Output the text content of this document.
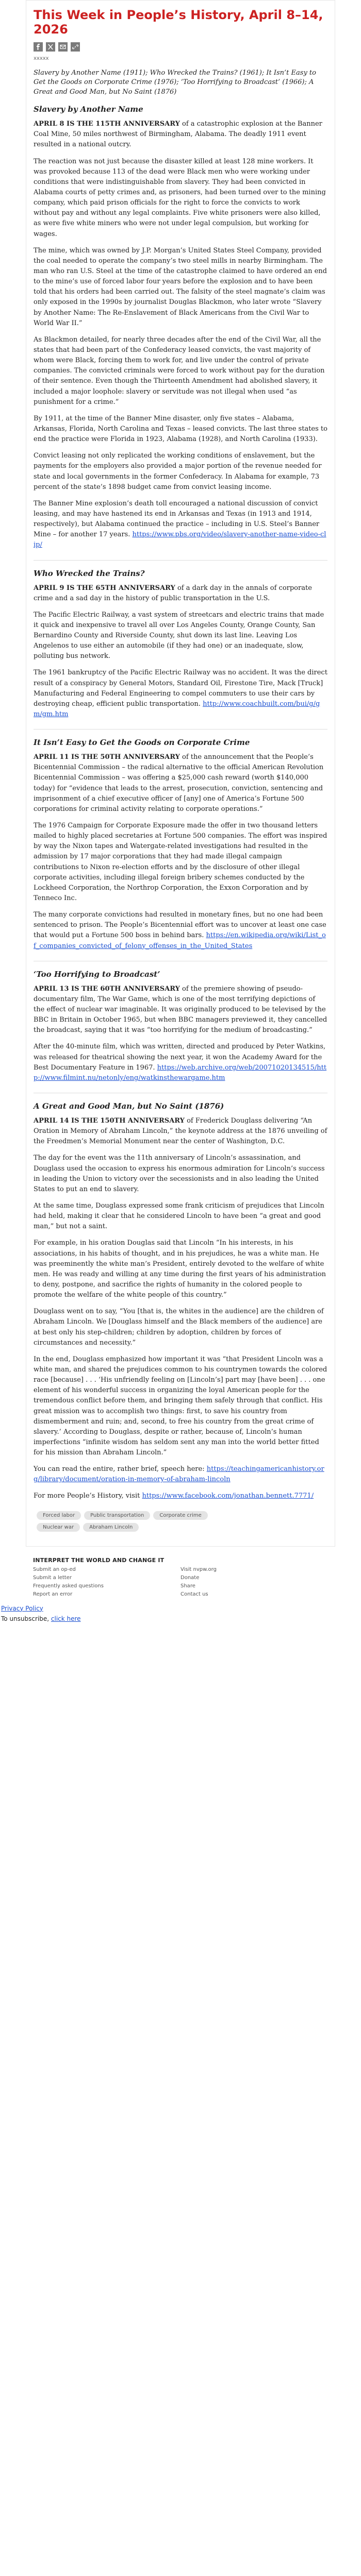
This Week in People’s History, April 8–14, 2026
xxxxx
Slavery by Another Name (1911); Who Wrecked the Trains? (1961); It Isn’t Easy to Get the Goods on Corporate Crime (1976); ‘Too Horrifying to Broadcast’ (1966); A Great and Good Man, but No Saint (1876)
Slavery by Another Name

APRIL 8 IS THE 115TH ANNIVERSARY of a catastrophic explosion at the Banner Coal Mine, 50 miles northwest of Birmingham, Alabama. The deadly 1911 event resulted in a national outcry.

The reaction was not just because the disaster killed at least 128 mine workers. It was provoked because 113 of the dead were Black men who were working under conditions that were indistinguishable from slavery. They had been convicted in Alabama courts of petty crimes and, as prisoners, had been turned over to the mining company, which paid prison officials for the right to force the convicts to work without pay and without any legal complaints. Five white prisoners were also killed, as were five white miners who were not under legal compulsion, but working for wages.

The mine, which was owned by J.P. Morgan’s United States Steel Company, provided the coal needed to operate the company’s two steel mills in nearby Birmingham. The man who ran U.S. Steel at the time of the catastrophe claimed to have ordered an end to the mine’s use of forced labor four years before the explosion and to have been told that his orders had been carried out. The falsity of the steel magnate’s claim was only exposed in the 1990s by journalist Douglas Blackmon, who later wrote “Slavery by Another Name: The Re-Enslavement of Black Americans from the Civil War to World War II.”

As Blackmon detailed, for nearly three decades after the end of the Civil War, all the states that had been part of the Confederacy leased convicts, the vast majority of whom were Black, forcing them to work for, and live under the control of private companies. The convicted criminals were forced to work without pay for the duration of their sentence. Even though the Thirteenth Amendment had abolished slavery, it included a major loophole: slavery or servitude was not illegal when used “as punishment for a crime.”

By 1911, at the time of the Banner Mine disaster, only five states – Alabama, Arkansas, Florida, North Carolina and Texas – leased convicts. The last three states to end the practice were Florida in 1923, Alabama (1928), and North Carolina (1933).

Convict leasing not only replicated the working conditions of enslavement, but the payments for the employers also provided a major portion of the revenue needed for state and local governments in the former Confederacy. In Alabama for example, 73 percent of the state’s 1898 budget came from convict leasing income.

The Banner Mine explosion’s death toll encouraged a national discussion of convict leasing, and may have hastened its end in Arkansas and Texas (in 1913 and 1914, respectively), but Alabama continued the practice – including in U.S. Steel’s Banner Mine – for another 17 years. https://www.pbs.org/video/slavery-another-name-video-clip/

Who Wrecked the Trains?

APRIL 9 IS THE 65TH ANNIVERSARY of a dark day in the annals of corporate crime and a sad day in the history of public transportation in the U.S.

The Pacific Electric Railway, a vast system of streetcars and electric trains that made it quick and inexpensive to travel all over Los Angeles County, Orange County, San Bernardino County and Riverside County, shut down its last line. Leaving Los Angelenos to use either an automobile (if they had one) or an inadequate, slow, polluting bus network.

The 1961 bankruptcy of the Pacific Electric Railway was no accident. It was the direct result of a conspiracy by General Motors, Standard Oil, Firestone Tire, Mack [Truck] Manufacturing and Federal Engineering to compel commuters to use their cars by destroying cheap, efficient public transportation. http://www.coachbuilt.com/bui/g/gm/gm.htm

It Isn’t Easy to Get the Goods on Corporate Crime

APRIL 11 IS THE 50TH ANNIVERSARY of the announcement that the People’s Bicentennial Commission – the radical alternative to the official American Revolution Bicentennial Commission – was offering a $25,000 cash reward (worth $140,000 today) for “evidence that leads to the arrest, prosecution, conviction, sentencing and imprisonment of a chief executive officer of [any] one of America’s Fortune 500 corporations for criminal activity relating to corporate operations.”

The 1976 Campaign for Corporate Exposure made the offer in two thousand letters mailed to highly placed secretaries at Fortune 500 companies. The effort was inspired by way the Nixon tapes and Watergate-related investigations had resulted in the admission by 17 major corporations that they had made illegal campaign contributions to Nixon re-election efforts and by the disclosure of other illegal corporate activities, including illegal foreign bribery schemes conducted by the Lockheed Corporation, the Northrop Corporation, the Exxon Corporation and by Tenneco Inc.

The many corporate convictions had resulted in monetary fines, but no one had been sentenced to prison. The People’s Bicentennial effort was to uncover at least one case that would put a Fortune 500 boss in behind bars. https://en.wikipedia.org/wiki/List_of_companies_convicted_of_felony_offenses_in_the_United_States

‘Too Horrifying to Broadcast’

APRIL 13 IS THE 60TH ANNIVERSARY of the premiere showing of pseudo-documentary film, The War Game, which is one of the most terrifying depictions of the effect of nuclear war imaginable. It was originally produced to be televised by the BBC in Britain in October 1965, but when BBC managers previewed it, they cancelled the broadcast, saying that it was “too horrifying for the medium of broadcasting.”

After the 40-minute film, which was written, directed and produced by Peter Watkins, was released for theatrical showing the next year, it won the Academy Award for the Best Documentary Feature in 1967. https://web.archive.org/web/20071020134515/http://www.filmint.nu/netonly/eng/watkinsthewargame.htm

A Great and Good Man, but No Saint (1876)

APRIL 14 IS THE 150TH ANNIVERSARY of Frederick Douglass delivering “An Oration in Memory of Abraham Lincoln,” the keynote address at the 1876 unveiling of the Freedmen’s Memorial Monument near the center of Washington, D.C.

The day for the event was the 11th anniversary of Lincoln’s assassination, and Douglass used the occasion to express his enormous admiration for Lincoln’s success in leading the Union to victory over the secessionists and in also leading the United States to put an end to slavery.

At the same time, Douglass expressed some frank criticism of prejudices that Lincoln had held, making it clear that he considered Lincoln to have been “a great and good man,” but not a saint.

For example, in his oration Douglas said that Lincoln “In his interests, in his associations, in his habits of thought, and in his prejudices, he was a white man. He was preeminently the white man’s President, entirely devoted to the welfare of white men. He was ready and willing at any time during the first years of his administration to deny, postpone, and sacrifice the rights of humanity in the colored people to promote the welfare of the white people of this country.”

Douglass went on to say, “You [that is, the whites in the audience] are the children of Abraham Lincoln. We [Douglass himself and the Black members of the audience] are at best only his step-children; children by adoption, children by forces of circumstances and necessity.”

In the end, Douglass emphasized how important it was “that President Lincoln was a white man, and shared the prejudices common to his countrymen towards the colored race [because] . . . ‘His unfriendly feeling on [Lincoln’s] part may [have been] . . . one element of his wonderful success in organizing the loyal American people for the tremendous conflict before them, and bringing them safely through that conflict. His great mission was to accomplish two things: first, to save his country from dismemberment and ruin; and, second, to free his country from the great crime of slavery.’ According to Douglass, despite or rather, because of, Lincoln’s human imperfections “infinite wisdom has seldom sent any man into the world better fitted for his mission than Abraham Lincoln.”

You can read the entire, rather brief, speech here: https://teachingamericanhistory.org/library/document/oration-in-memory-of-abraham-lincoln

For more People’s History, visit https://www.facebook.com/jonathan.bennett.7771/

Forced labor	Public transportation	Corporate crime
Nuclear war	Abraham Lincoln
INTERPRET THE WORLD AND CHANGE IT
Submit an op-ed
Submit a letter
Frequently asked questions
Report an error
Visit nvpw.org
Donate
Share
Contact us
Privacy Policy
To unsubscribe, click here
